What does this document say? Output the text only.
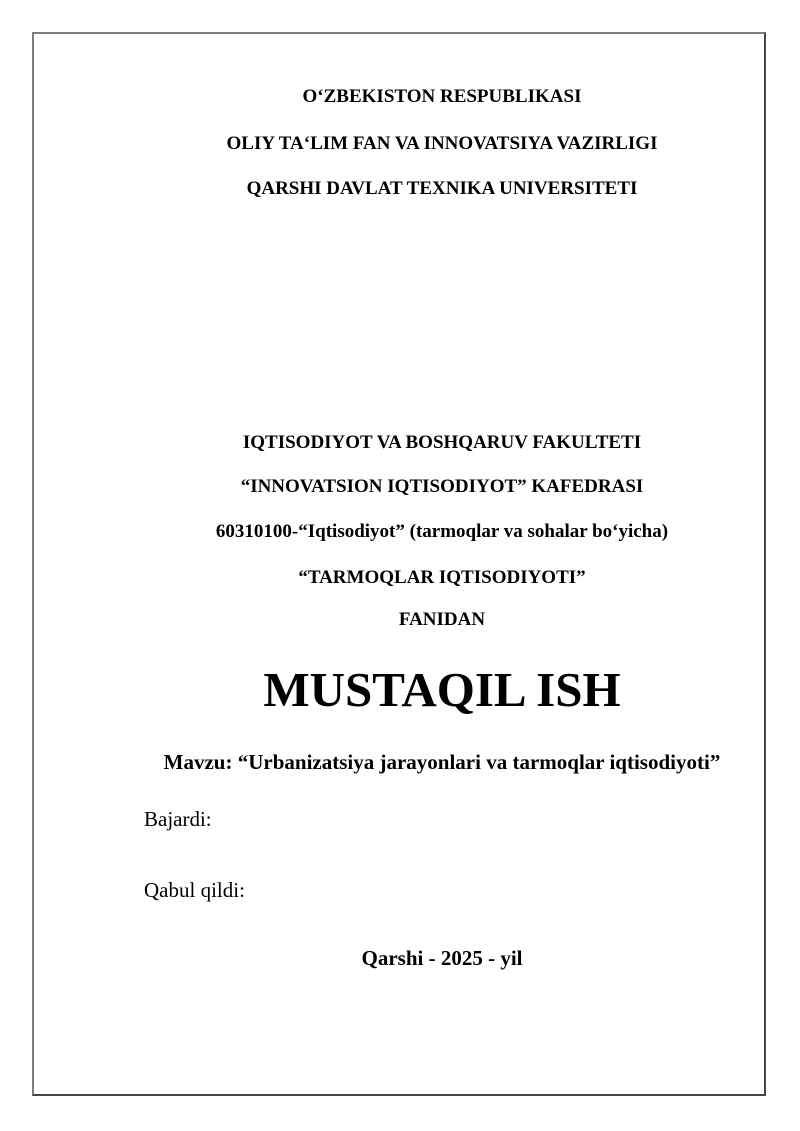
O‘ZBEKISTON RESPUBLIKASI

OLIY TA‘LIM FAN VA INNOVATSIYA VAZIRLIGI

QARSHI DAVLAT TEXNIKA UNIVERSITETI

IQTISODIYOT VA BOSHQARUV FAKULTETI

“INNOVATSION IQTISODIYOT” KAFEDRASI

60310100-“Iqtisodiyot” (tarmoqlar va sohalar bo‘yicha)

“TARMOQLAR IQTISODIYOTI”

FANIDAN

MUSTAQIL ISH

Mavzu: “Urbanizatsiya jarayonlari va tarmoqlar iqtisodiyoti”

Bajardi:

Qabul qildi:

Qarshi - 2025 - yil
